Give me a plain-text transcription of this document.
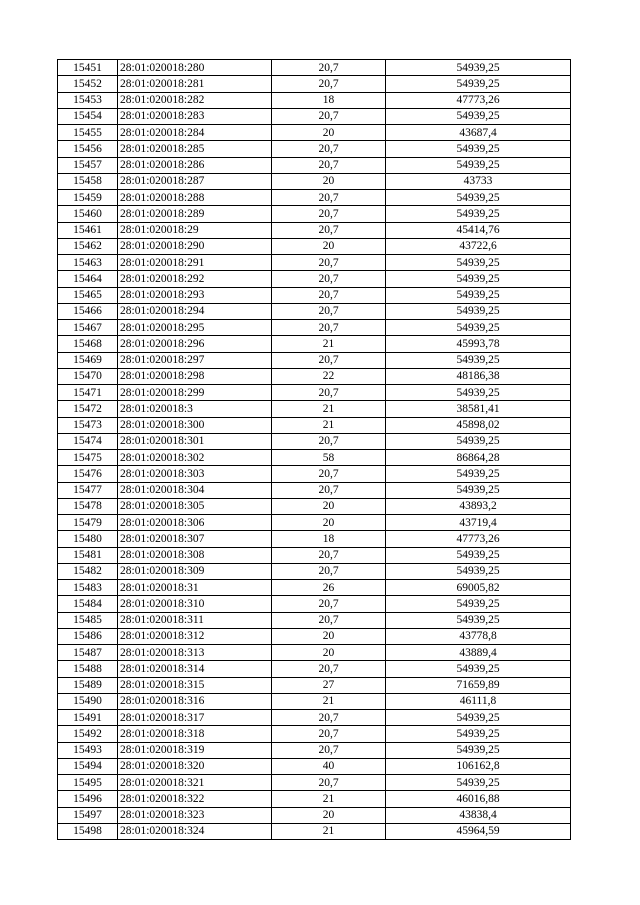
15451	28:01:020018:280	20,7	54939,25
15452	28:01:020018:281	20,7	54939,25
15453	28:01:020018:282	18	47773,26
15454	28:01:020018:283	20,7	54939,25
15455	28:01:020018:284	20	43687,4
15456	28:01:020018:285	20,7	54939,25
15457	28:01:020018:286	20,7	54939,25
15458	28:01:020018:287	20	43733
15459	28:01:020018:288	20,7	54939,25
15460	28:01:020018:289	20,7	54939,25
15461	28:01:020018:29	20,7	45414,76
15462	28:01:020018:290	20	43722,6
15463	28:01:020018:291	20,7	54939,25
15464	28:01:020018:292	20,7	54939,25
15465	28:01:020018:293	20,7	54939,25
15466	28:01:020018:294	20,7	54939,25
15467	28:01:020018:295	20,7	54939,25
15468	28:01:020018:296	21	45993,78
15469	28:01:020018:297	20,7	54939,25
15470	28:01:020018:298	22	48186,38
15471	28:01:020018:299	20,7	54939,25
15472	28:01:020018:3	21	38581,41
15473	28:01:020018:300	21	45898,02
15474	28:01:020018:301	20,7	54939,25
15475	28:01:020018:302	58	86864,28
15476	28:01:020018:303	20,7	54939,25
15477	28:01:020018:304	20,7	54939,25
15478	28:01:020018:305	20	43893,2
15479	28:01:020018:306	20	43719,4
15480	28:01:020018:307	18	47773,26
15481	28:01:020018:308	20,7	54939,25
15482	28:01:020018:309	20,7	54939,25
15483	28:01:020018:31	26	69005,82
15484	28:01:020018:310	20,7	54939,25
15485	28:01:020018:311	20,7	54939,25
15486	28:01:020018:312	20	43778,8
15487	28:01:020018:313	20	43889,4
15488	28:01:020018:314	20,7	54939,25
15489	28:01:020018:315	27	71659,89
15490	28:01:020018:316	21	46111,8
15491	28:01:020018:317	20,7	54939,25
15492	28:01:020018:318	20,7	54939,25
15493	28:01:020018:319	20,7	54939,25
15494	28:01:020018:320	40	106162,8
15495	28:01:020018:321	20,7	54939,25
15496	28:01:020018:322	21	46016,88
15497	28:01:020018:323	20	43838,4
15498	28:01:020018:324	21	45964,59
